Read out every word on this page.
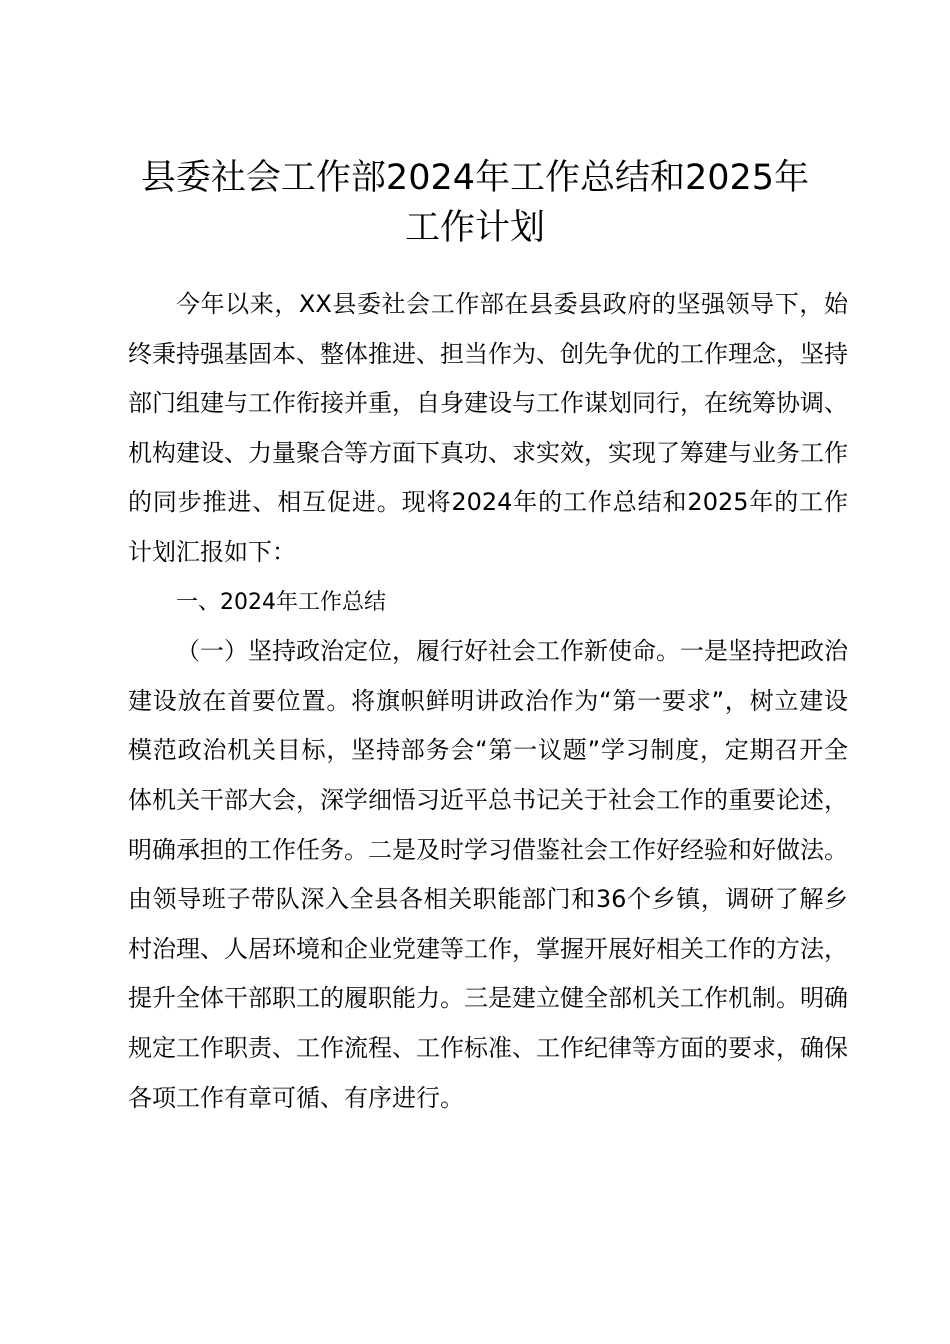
县委社会工作部2024年工作总结和2025年
工作计划

今年以来，XX县委社会工作部在县委县政府的坚强领导下，始终秉持强基固本、整体推进、担当作为、创先争优的工作理念，坚持部门组建与工作衔接并重，自身建设与工作谋划同行，在统筹协调、机构建设、力量聚合等方面下真功、求实效，实现了筹建与业务工作的同步推进、相互促进。现将2024年的工作总结和2025年的工作计划汇报如下：

一、2024年工作总结

（一）坚持政治定位，履行好社会工作新使命。一是坚持把政治建设放在首要位置。将旗帜鲜明讲政治作为“第一要求”，树立建设模范政治机关目标，坚持部务会“第一议题”学习制度，定期召开全体机关干部大会，深学细悟习近平总书记关于社会工作的重要论述，明确承担的工作任务。二是及时学习借鉴社会工作好经验和好做法。由领导班子带队深入全县各相关职能部门和36个乡镇，调研了解乡村治理、人居环境和企业党建等工作，掌握开展好相关工作的方法，提升全体干部职工的履职能力。三是建立健全部机关工作机制。明确规定工作职责、工作流程、工作标准、工作纪律等方面的要求，确保各项工作有章可循、有序进行。
